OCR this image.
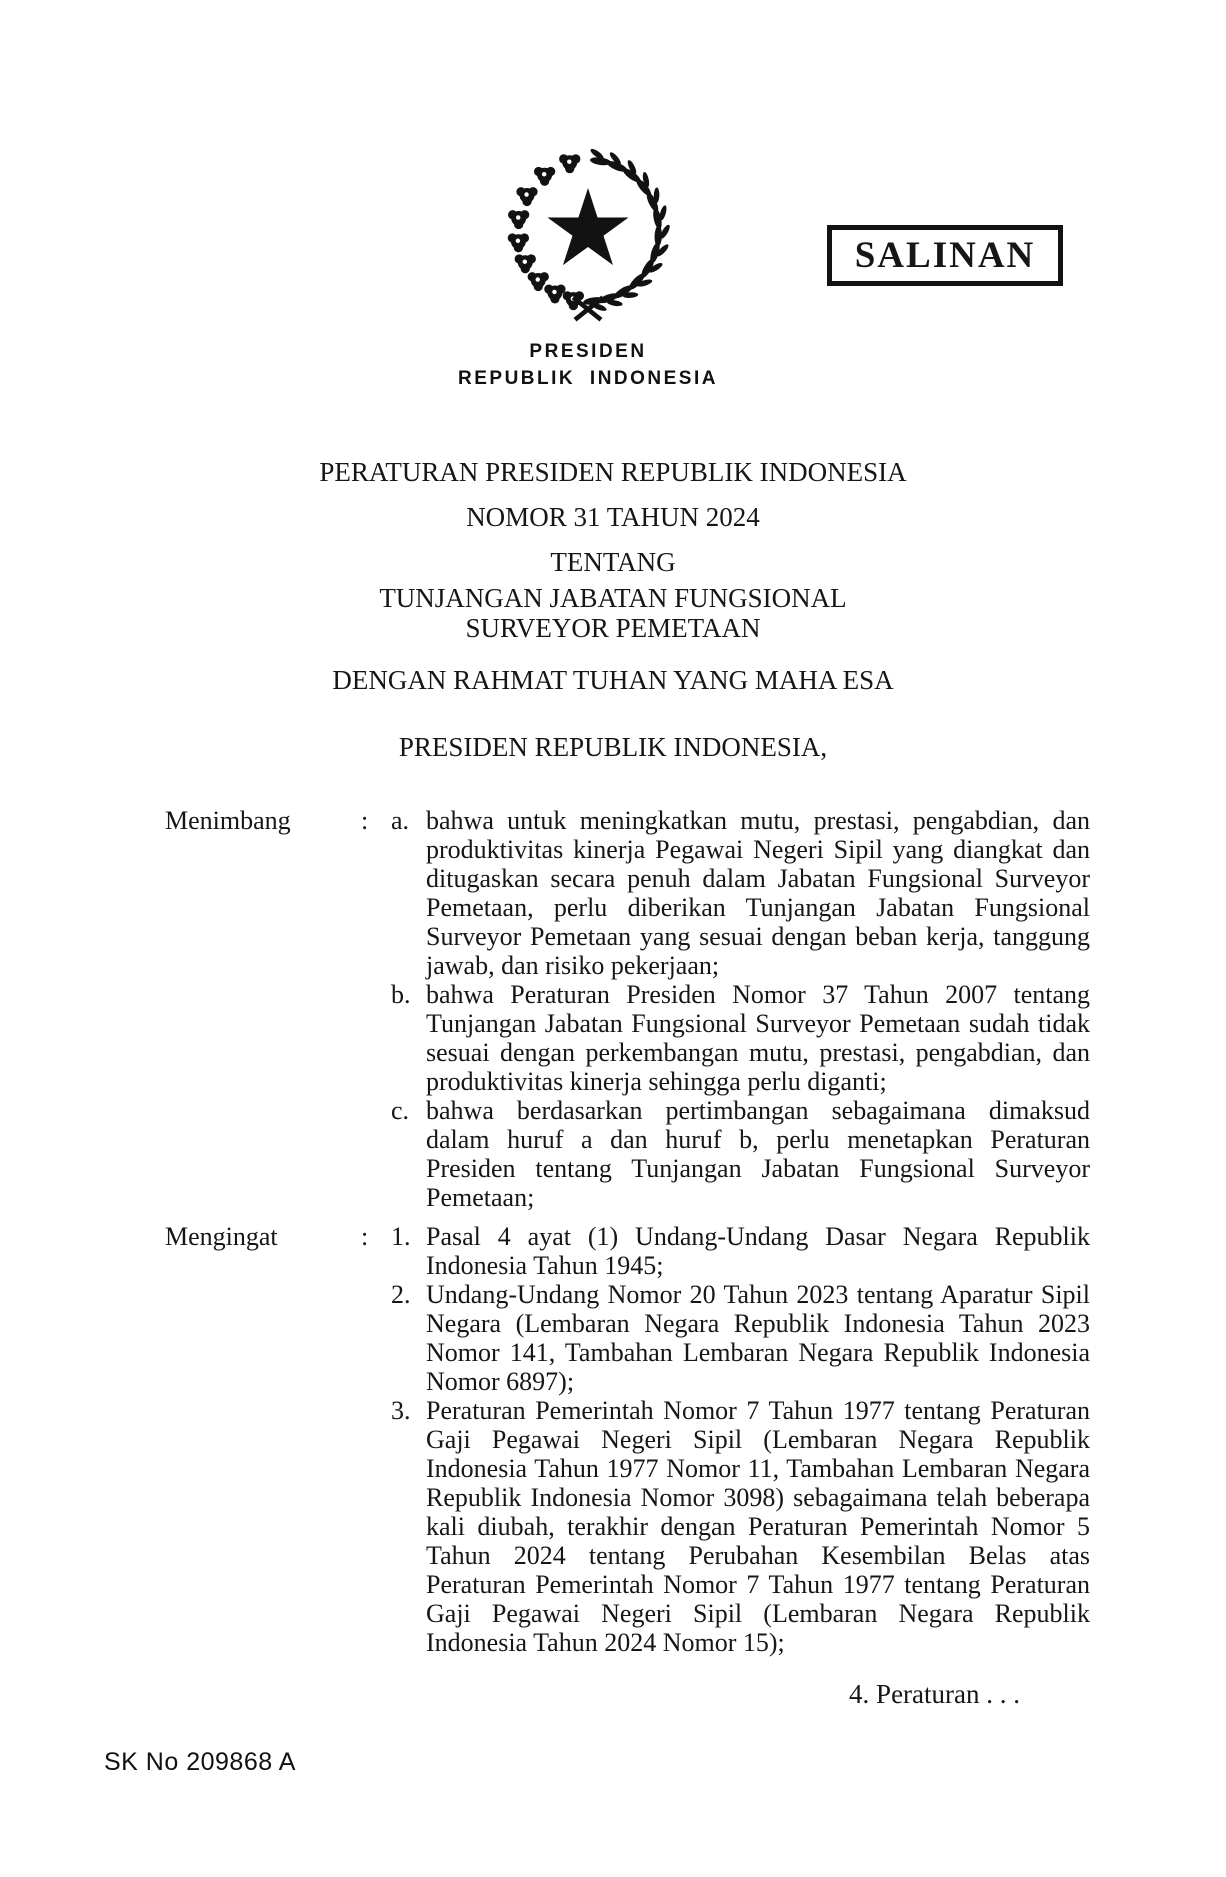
SALINAN
PRESIDEN
REPUBLIK INDONESIA
PERATURAN PRESIDEN REPUBLIK INDONESIA
NOMOR 31 TAHUN 2024
TENTANG
TUNJANGAN JABATAN FUNGSIONAL
SURVEYOR PEMETAAN
DENGAN RAHMAT TUHAN YANG MAHA ESA
PRESIDEN REPUBLIK INDONESIA,
Menimbang	: a. bahwa untuk meningkatkan mutu, prestasi, pengabdian, dan produktivitas kinerja Pegawai Negeri Sipil yang diangkat dan ditugaskan secara penuh dalam Jabatan Fungsional Surveyor Pemetaan, perlu diberikan Tunjangan Jabatan Fungsional Surveyor Pemetaan yang sesuai dengan beban kerja, tanggung jawab, dan risiko pekerjaan;
b. bahwa Peraturan Presiden Nomor 37 Tahun 2007 tentang Tunjangan Jabatan Fungsional Surveyor Pemetaan sudah tidak sesuai dengan perkembangan mutu, prestasi, pengabdian, dan produktivitas kinerja sehingga perlu diganti;
c. bahwa berdasarkan pertimbangan sebagaimana dimaksud dalam huruf a dan huruf b, perlu menetapkan Peraturan Presiden tentang Tunjangan Jabatan Fungsional Surveyor Pemetaan;
Mengingat	: 1. Pasal 4 ayat (1) Undang-Undang Dasar Negara Republik Indonesia Tahun 1945;
2. Undang-Undang Nomor 20 Tahun 2023 tentang Aparatur Sipil Negara (Lembaran Negara Republik Indonesia Tahun 2023 Nomor 141, Tambahan Lembaran Negara Republik Indonesia Nomor 6897);
3. Peraturan Pemerintah Nomor 7 Tahun 1977 tentang Peraturan Gaji Pegawai Negeri Sipil (Lembaran Negara Republik Indonesia Tahun 1977 Nomor 11, Tambahan Lembaran Negara Republik Indonesia Nomor 3098) sebagaimana telah beberapa kali diubah, terakhir dengan Peraturan Pemerintah Nomor 5 Tahun 2024 tentang Perubahan Kesembilan Belas atas Peraturan Pemerintah Nomor 7 Tahun 1977 tentang Peraturan Gaji Pegawai Negeri Sipil (Lembaran Negara Republik Indonesia Tahun 2024 Nomor 15);
4. Peraturan . . .
SK No 209868 A
